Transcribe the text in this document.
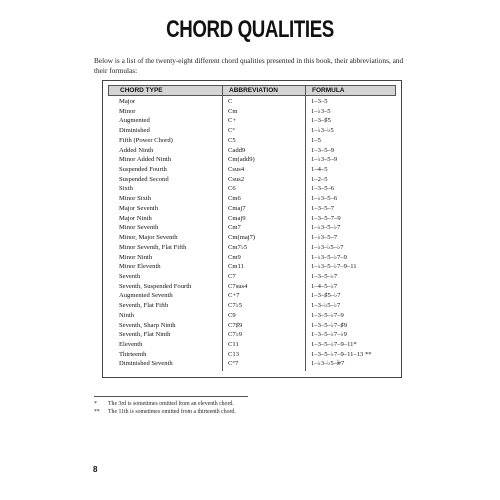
CHORD QUALITIES
Below is a list of the twenty-eight different chord qualities presented in this book, their abbreviations, and their formulas:
CHORD TYPE	ABBREVIATION	FORMULA
Major	C	1–3–5
Minor	Cm	1–♭3–5
Augmented	C+	1–3–♯5
Diminished	C°	1–♭3–♭5
Fifth (Power Chord)	C5	1–5
Added Ninth	Cadd9	1–3–5–9
Minor Added Ninth	Cm(add9)	1–♭3–5–9
Suspended Fourth	Csus4	1–4–5
Suspended Second	Csus2	1–2–5
Sixth	C6	1–3–5–6
Minor Sixth	Cm6	1–♭3–5–6
Major Seventh	Cmaj7	1–3–5–7
Major Ninth	Cmaj9	1–3–5–7–9
Minor Seventh	Cm7	1–♭3–5–♭7
Minor, Major Seventh	Cm(maj7)	1–♭3–5–7
Minor Seventh, Flat Fifth	Cm7♭5	1–♭3–♭5–♭7
Minor Ninth	Cm9	1–♭3–5–♭7–9
Minor Eleventh	Cm11	1–♭3–5–♭7–9–11
Seventh	C7	1–3–5–♭7
Seventh, Suspended Fourth	C7sus4	1–4–5–♭7
Augmented Seventh	C+7	1–3–♯5–♭7
Seventh, Flat Fifth	C7♭5	1–3–♭5–♭7
Ninth	C9	1–3–5–♭7–9
Seventh, Sharp Ninth	C7♯9	1–3–5–♭7–♯9
Seventh, Flat Ninth	C7♭9	1–3–5–♭7–♭9
Eleventh	C11	1–3–5–♭7–9–11*
Thirteenth	C13	1–3–5–♭7–9–11–13 **
Diminished Seventh	C°7	1–♭3–♭5–𝄫7
* The 3rd is sometimes omitted from an eleventh chord.
** The 11th is sometimes omitted from a thirteenth chord.
8
